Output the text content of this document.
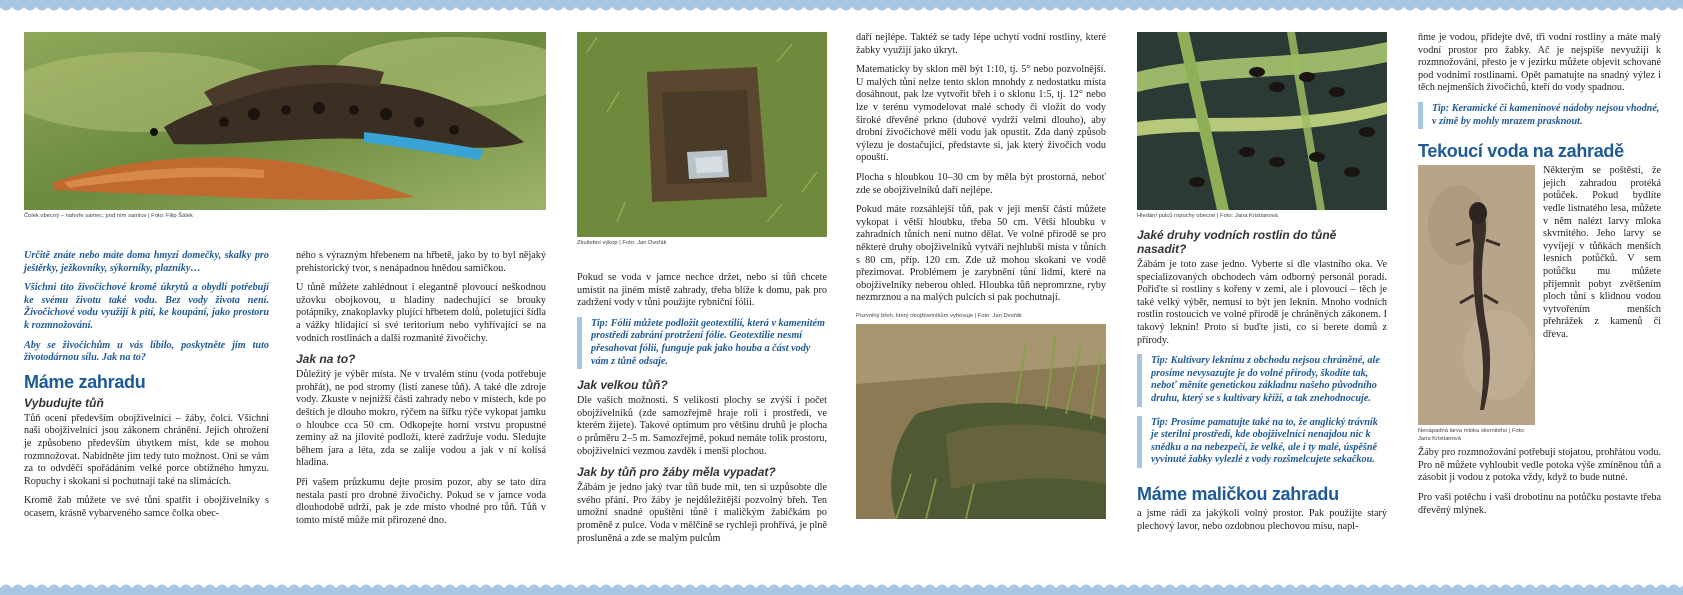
Čolek obecný – nahoře samec, pod ním samice | Foto: Filip Šálek

Určitě znáte nebo máte doma hmyzí domečky, skalky pro ještěrky, ježkovníky, sýkorníky, plazníky…

Všichni tito živočichové kromě úkrytů a obydlí potřebují ke svému životu také vodu. Bez vody života není. Živočichové vodu využijí k pití, ke koupání, jako prostoru k rozmnožování.

Aby se živočichům u vás líbilo, poskytněte jim tuto životodárnou sílu. Jak na to?

Máme zahradu
Vybudujte tůň

Tůň ocení především obojživelníci – žáby, čolci. Všichni naši obojživelníci jsou zákonem chránění. Jejich ohrožení je způsobeno především úbytkem míst, kde se mohou rozmnožovat. Nabídněte jim tedy tuto možnost. Oni se vám za to odvděčí spořádáním velké porce obtížného hmyzu. Ropuchy i skokani si pochutnají také na slimácích.

Kromě žab můžete ve své tůni spatřit i obojživelníky s ocasem, krásně vybarveného samce čolka obec-

ného s výrazným hřebenem na hřbetě, jako by to byl nějaký prehistorický tvor, s nenápadnou hnědou samičkou.

U tůně můžete zahlédnout i elegantně plovoucí neškodnou užovku obojkovou, u hladiny nadechující se brouky potápníky, znakoplavky plující hřbetem dolů, poletující šídla a vážky hlídající si své teritorium nebo vyhřívající se na vodních rostlinách a další rozmanité živočichy.

Jak na to?

Důležitý je výběr místa. Ne v trvalém stínu (voda potřebuje prohřát), ne pod stromy (listí zanese tůň). A také dle zdroje vody. Zkuste v nejnižší části zahrady nebo v místech, kde po deštích je dlouho mokro, rýčem na šířku rýče vykopat jamku o hloubce cca 50 cm. Odkopejte horní vrstvu propustné zeminy až na jílovité podloží, které zadržuje vodu. Sledujte během jara a léta, zda se zalije vodou a jak v ní kolísá hladina.

Při vašem průzkumu dejte prosím pozor, aby se tato díra nestala pastí pro drobné živočichy. Pokud se v jamce voda dlouhodobě udrží, pak je zde místo vhodné pro tůň. Tůň v tomto místě může mít přirozené dno.

Zkušební výkop | Foto: Jan Dvořák

Pokud se voda v jamce nechce držet, nebo si tůň chcete umístit na jiném místě zahrady, třeba blíže k domu, pak pro zadržení vody v tůni použijte rybniční fólii.

Tip: Fólii můžete podložit geotextilií, která v kamenitém prostředí zabrání protržení fólie. Geotextilie nesmí přesahovat fólii, funguje pak jako houba a část vody vám z tůně odsaje.
Jak velkou tůň?

Dle vašich možností. S velikostí plochy se zvýší i počet obojživelníků (zde samozřejmě hraje roli i prostředí, ve kterém žijete). Takové optimum pro většinu druhů je plocha o průměru 2–5 m. Samozřejmě, pokud nemáte tolik prostoru, obojživelníci vezmou zavděk i menší plochou.

Jak by tůň pro žáby měla vypadat?

Žábám je jedno jaký tvar tůň bude mít, ten si uzpůsobte dle svého přání. Pro žáby je nejdůležitější pozvolný břeh. Ten umožní snadné opuštění tůně i maličkým žabičkám po proměně z pulce. Voda v mělčině se rychleji prohřívá, je plně prosluněná a zde se malým pulcům

daří nejlépe. Taktéž se tady lépe uchytí vodní rostliny, které žabky využijí jako úkryt.

Matematicky by sklon měl být 1:10, tj. 5° nebo pozvolnější. U malých tůní nelze tento sklon mnohdy z nedostatku místa dosáhnout, pak lze vytvořit břeh i o sklonu 1:5, tj. 12° nebo lze v terénu vymodelovat malé schody či vložit do vody široké dřevěné prkno (dubové vydrží velmi dlouho), aby drobní živočichové měli vodu jak opustit. Zda daný způsob výlezu je dostačující, představte si, jak který živočich vodu opouští.

Plocha s hloubkou 10–30 cm by měla být prostorná, neboť zde se obojživelníků daří nejlépe.

Pokud máte rozsáhlejší tůň, pak v její menší části můžete vykopat i větší hloubku, třeba 50 cm. Větší hloubku v zahradních tůních není nutno dělat. Ve volné přírodě se pro některé druhy obojživelníků vytváří nejhlubší místa v tůních s 80 cm, příp. 120 cm. Zde už mohou skokani ve vodě přezimovat. Problémem je zarybnění tůní lidmi, které na obojživelníky neberou ohled. Hloubka tůň nepromrzne, ryby nezmrznou a na malých pulcích si pak pochutnají.

Pozvolný břeh, který obojživelníkům vyhovuje | Foto: Jan Dvořák
Hledání pulců ropuchy obecné | Foto: Jana Kristianová
Jaké druhy vodních rostlin do tůně nasadit?

Žábám je toto zase jedno. Vyberte si dle vlastního oka. Ve specializovaných obchodech vám odborný personál poradí. Pořiďte si rostliny s kořeny v zemi, ale i plovoucí – těch je také velký výběr, nemusí to být jen leknín. Mnoho vodních rostlin rostoucích ve volné přírodě je chráněných zákonem. I takový leknín! Proto si buďte jisti, co si berete domů z přírody.

Tip: Kultivary leknínu z obchodu nejsou chráněné, ale prosíme nevysazujte je do volné přírody, škodíte tak, neboť měníte genetickou základnu našeho původního druhu, který se s kultivary kříží, a tak znehodnocuje.
Tip: Prosíme pamatujte také na to, že anglický trávník je sterilní prostředí, kde obojživelníci nenajdou nic k snědku a na nebezpečí, že velké, ale i ty malé, úspěšně vyvinuté žabky vylezlé z vody rozšmelcujete sekačkou.
Máme maličkou zahradu

a jsme rádi za jakýkoli volný prostor. Pak použijte starý plechový lavor, nebo ozdobnou plechovou mísu, napl-

ňme je vodou, přidejte dvě, tři vodní rostliny a máte malý vodní prostor pro žabky. Ač je nejspíše nevyužijí k rozmnožování, přesto je v jezírku můžete objevit schované pod vodními rostlinami. Opět pamatujte na snadný výlez i těch nejmenších živočichů, kteří do vody spadnou.

Tip: Keramické či kameninové nádoby nejsou vhodné, v zimě by mohly mrazem prasknout.
Tekoucí voda na zahradě
Nenápadná larva mloka skvrnitého | Foto: Jana Kristianová

Některým se poštěstí, že jejich zahradou protéká potůček. Pokud bydlíte vedle listnatého lesa, můžete v něm nalézt larvy mloka skvrnitého. Jeho larvy se vyvíjejí v tůňkách menších lesních potůčků. V sem potůčku mu můžete přijemnit pobyt zvětšením ploch tůní s klidnou vodou vytvořením menších přehrážek z kamenů či dřeva.

Žáby pro rozmnožování potřebují stojatou, prohřátou vodu. Pro ně můžete vyhloubit vedle potoka výše zmíněnou tůň a zásobit ji vodou z potoka vždy, když to bude nutné.

Pro vaši potěchu i vaši drobotinu na potůčku postavte třeba dřevěný mlýnek.
